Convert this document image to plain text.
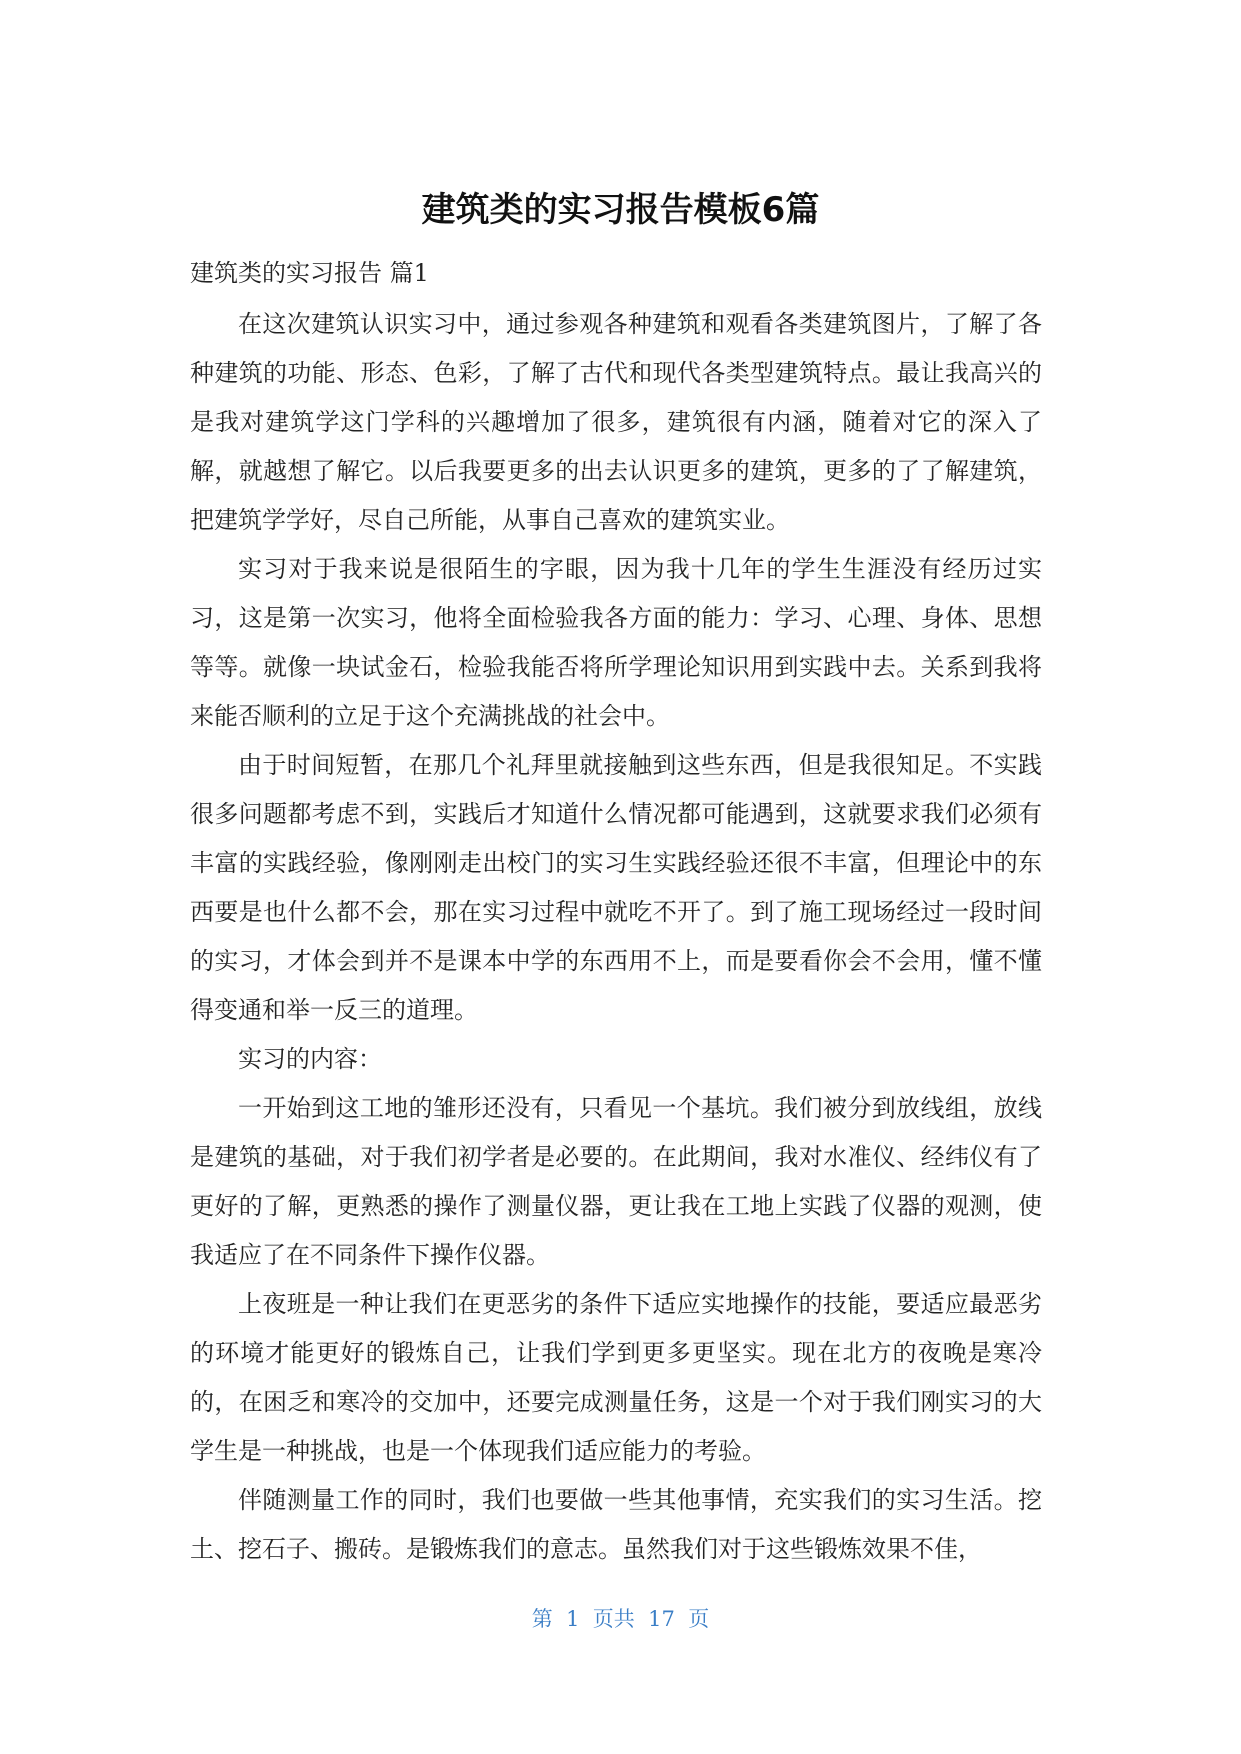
建筑类的实习报告模板6篇

建筑类的实习报告 篇1

在这次建筑认识实习中，通过参观各种建筑和观看各类建筑图片，了解了各种建筑的功能、形态、色彩，了解了古代和现代各类型建筑特点。最让我高兴的是我对建筑学这门学科的兴趣增加了很多，建筑很有内涵，随着对它的深入了解，就越想了解它。以后我要更多的出去认识更多的建筑，更多的了了解建筑，把建筑学学好，尽自己所能，从事自己喜欢的建筑实业。

实习对于我来说是很陌生的字眼，因为我十几年的学生生涯没有经历过实习，这是第一次实习，他将全面检验我各方面的能力：学习、心理、身体、思想等等。就像一块试金石，检验我能否将所学理论知识用到实践中去。关系到我将来能否顺利的立足于这个充满挑战的社会中。

由于时间短暂，在那几个礼拜里就接触到这些东西，但是我很知足。不实践很多问题都考虑不到，实践后才知道什么情况都可能遇到，这就要求我们必须有丰富的实践经验，像刚刚走出校门的实习生实践经验还很不丰富，但理论中的东西要是也什么都不会，那在实习过程中就吃不开了。到了施工现场经过一段时间的实习，才体会到并不是课本中学的东西用不上，而是要看你会不会用，懂不懂得变通和举一反三的道理。

实习的内容：

一开始到这工地的雏形还没有，只看见一个基坑。我们被分到放线组，放线是建筑的基础，对于我们初学者是必要的。在此期间，我对水准仪、经纬仪有了更好的了解，更熟悉的操作了测量仪器，更让我在工地上实践了仪器的观测，使我适应了在不同条件下操作仪器。

上夜班是一种让我们在更恶劣的条件下适应实地操作的技能，要适应最恶劣的环境才能更好的锻炼自己，让我们学到更多更坚实。现在北方的夜晚是寒冷的，在困乏和寒冷的交加中，还要完成测量任务，这是一个对于我们刚实习的大学生是一种挑战，也是一个体现我们适应能力的考验。

伴随测量工作的同时，我们也要做一些其他事情，充实我们的实习生活。挖土、挖石子、搬砖。是锻炼我们的意志。虽然我们对于这些锻炼效果不佳，

第  1  页共  17  页
